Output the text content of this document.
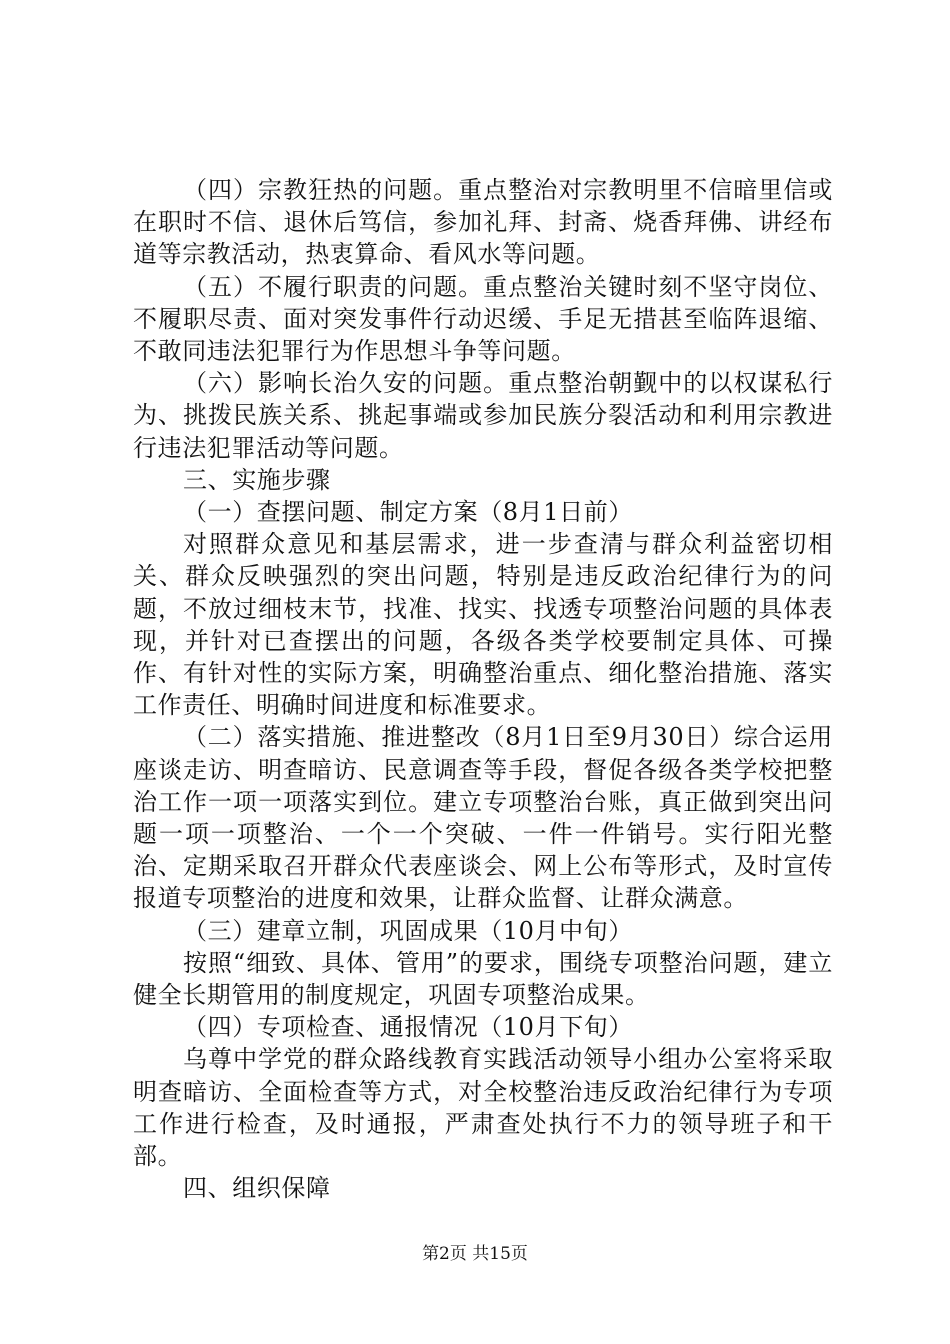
（四）宗教狂热的问题。重点整治对宗教明里不信暗里信或在职时不信、退休后笃信，参加礼拜、封斋、烧香拜佛、讲经布道等宗教活动，热衷算命、看风水等问题。

（五）不履行职责的问题。重点整治关键时刻不坚守岗位、不履职尽责、面对突发事件行动迟缓、手足无措甚至临阵退缩、不敢同违法犯罪行为作思想斗争等问题。

（六）影响长治久安的问题。重点整治朝觐中的以权谋私行为、挑拨民族关系、挑起事端或参加民族分裂活动和利用宗教进行违法犯罪活动等问题。

三、实施步骤

（一）查摆问题、制定方案（8月1日前）

对照群众意见和基层需求，进一步查清与群众利益密切相关、群众反映强烈的突出问题，特别是违反政治纪律行为的问题，不放过细枝末节，找准、找实、找透专项整治问题的具体表现，并针对已查摆出的问题，各级各类学校要制定具体、可操作、有针对性的实际方案，明确整治重点、细化整治措施、落实工作责任、明确时间进度和标准要求。

（二）落实措施、推进整改（8月1日至9月30日）综合运用座谈走访、明查暗访、民意调查等手段，督促各级各类学校把整治工作一项一项落实到位。建立专项整治台账，真正做到突出问题一项一项整治、一个一个突破、一件一件销号。实行阳光整治、定期采取召开群众代表座谈会、网上公布等形式，及时宣传报道专项整治的进度和效果，让群众监督、让群众满意。

（三）建章立制，巩固成果（10月中旬）

按照“细致、具体、管用”的要求，围绕专项整治问题，建立健全长期管用的制度规定，巩固专项整治成果。

（四）专项检查、通报情况（10月下旬）

乌尊中学党的群众路线教育实践活动领导小组办公室将采取明查暗访、全面检查等方式，对全校整治违反政治纪律行为专项工作进行检查，及时通报，严肃查处执行不力的领导班子和干部。

四、组织保障

第2页 共15页
